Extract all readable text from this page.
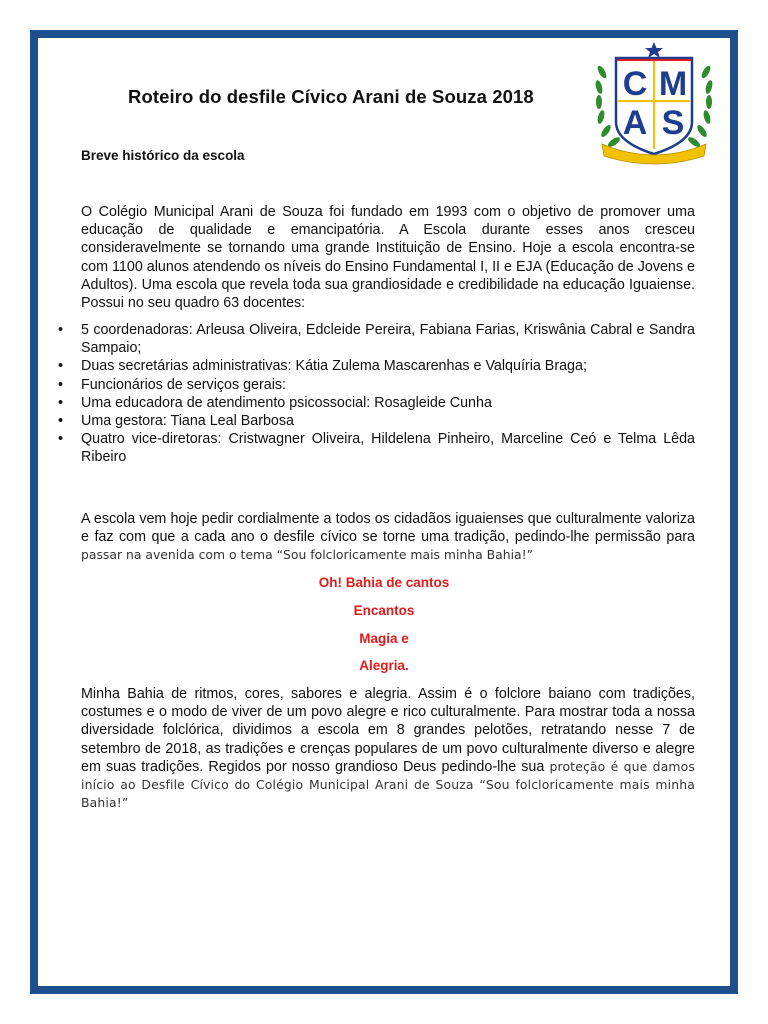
Roteiro do desfile Cívico Arani de Souza 2018	C M
A S
Breve histórico da escola
O Colégio Municipal Arani de Souza foi fundado em 1993 com o objetivo de promover uma educação de qualidade e emancipatória. A Escola durante esses anos cresceu consideravelmente se tornando uma grande Instituição de Ensino. Hoje a escola encontra-se com 1100 alunos atendendo os níveis do Ensino Fundamental I, II e EJA (Educação de Jovens e Adultos). Uma escola que revela toda sua grandiosidade e credibilidade na educação Iguaiense. Possui no seu quadro 63 docentes:
• 5 coordenadoras: Arleusa Oliveira, Edcleide Pereira, Fabiana Farias, Kriswânia Cabral e Sandra Sampaio;
• Duas secretárias administrativas: Kátia Zulema Mascarenhas e Valquíria Braga;
• Funcionários de serviços gerais:
• Uma educadora de atendimento psicossocial: Rosagleide Cunha
• Uma gestora: Tiana Leal Barbosa
• Quatro vice-diretoras: Cristwagner Oliveira, Hildelena Pinheiro, Marceline Ceó e Telma Lêda Ribeiro
A escola vem hoje pedir cordialmente a todos os cidadãos iguaienses que culturalmente valoriza e faz com que a cada ano o desfile cívico se torne uma tradição, pedindo-lhe permissão para passar na avenida com o tema “Sou folcloricamente mais minha Bahia!”
Oh! Bahia de cantos
Encantos
Magia e
Alegria.
Minha Bahia de ritmos, cores, sabores e alegria. Assim é o folclore baiano com tradições, costumes e o modo de viver de um povo alegre e rico culturalmente. Para mostrar toda a nossa diversidade folclórica, dividimos a escola em 8 grandes pelotões, retratando nesse 7 de setembro de 2018, as tradições e crenças populares de um povo culturalmente diverso e alegre em suas tradições. Regidos por nosso grandioso Deus pedindo-lhe sua proteção é que damos início ao Desfile Cívico do Colégio Municipal Arani de Souza “Sou folcloricamente mais minha Bahia!”
